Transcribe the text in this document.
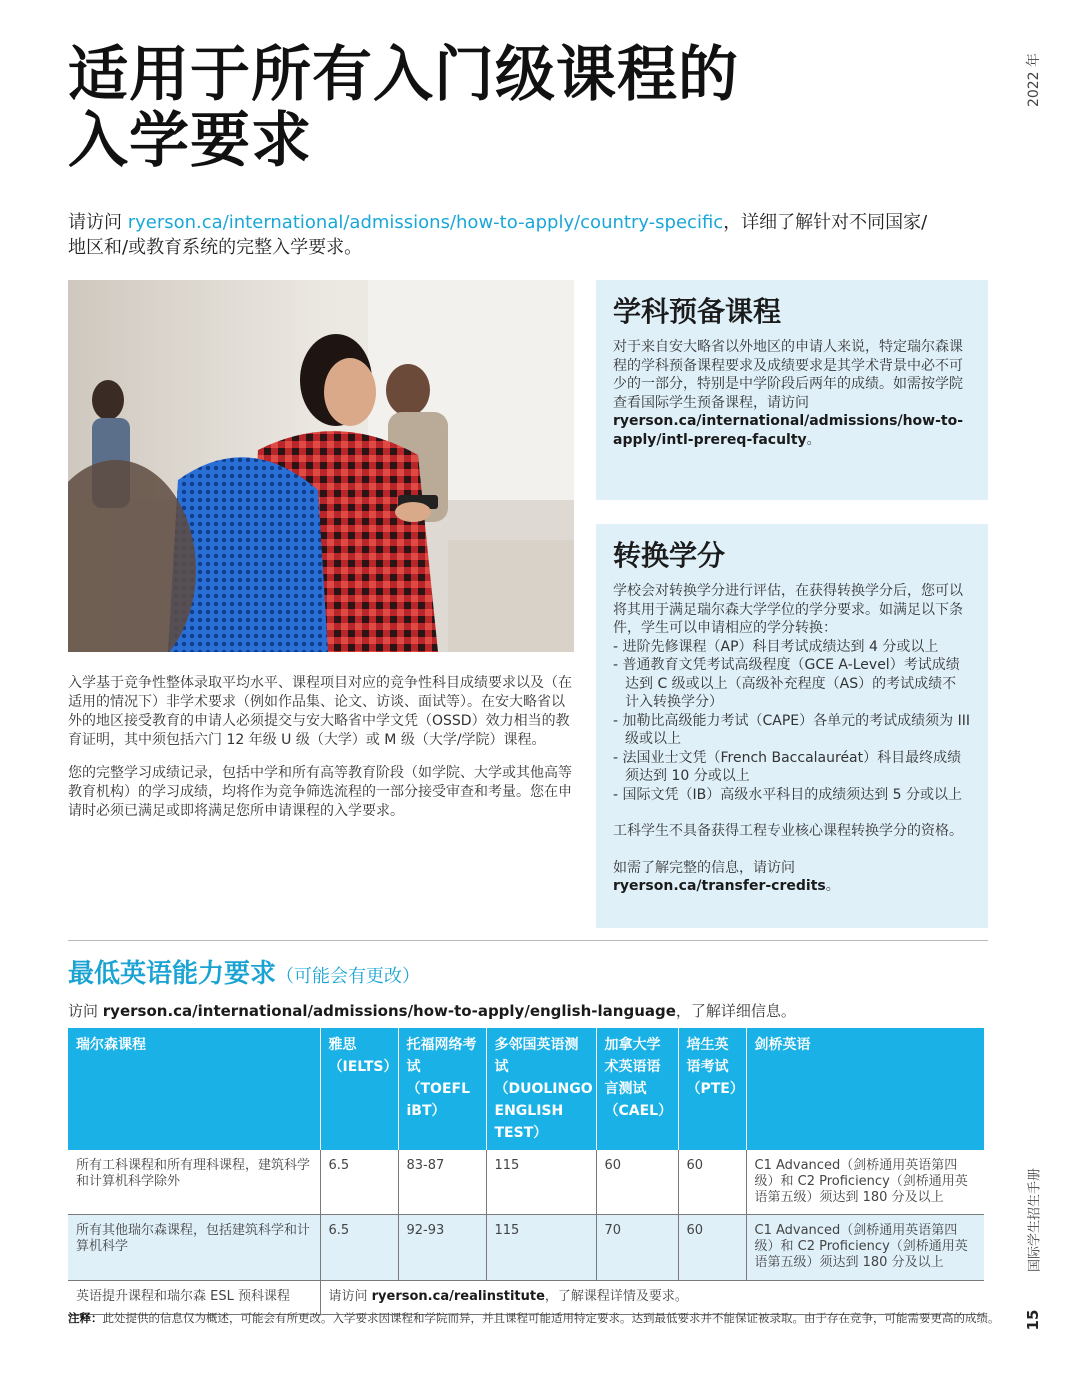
适用于所有入门级课程的
入学要求
2022 年
国际学生招生手册
15

请访问 ryerson.ca/international/admissions/how-to-apply/country-specific，详细了解针对不同国家/地区和/或教育系统的完整入学要求。

入学基于竞争性整体录取平均水平、课程项目对应的竞争性科目成绩要求以及（在适用的情况下）非学术要求（例如作品集、论文、访谈、面试等）。在安大略省以外的地区接受教育的申请人必须提交与安大略省中学文凭（OSSD）效力相当的教育证明，其中须包括六门 12 年级 U 级（大学）或 M 级（大学/学院）课程。

您的完整学习成绩记录，包括中学和所有高等教育阶段（如学院、大学或其他高等教育机构）的学习成绩，均将作为竞争筛选流程的一部分接受审查和考量。您在申请时必须已满足或即将满足您所申请课程的入学要求。

学科预备课程

对于来自安大略省以外地区的申请人来说，特定瑞尔森课程的学科预备课程要求及成绩要求是其学术背景中必不可少的一部分，特别是中学阶段后两年的成绩。如需按学院查看国际学生预备课程，请访问ryerson.ca/international/admissions/how-to-apply/intl-prereq-faculty。

转换学分

学校会对转换学分进行评估，在获得转换学分后，您可以将其用于满足瑞尔森大学学位的学分要求。如满足以下条件，学生可以申请相应的学分转换：

- 进阶先修课程（AP）科目考试成绩达到 4 分或以上
- 普通教育文凭考试高级程度（GCE A-Level）考试成绩达到 C 级或以上（高级补充程度（AS）的考试成绩不计入转换学分）
- 加勒比高级能力考试（CAPE）各单元的考试成绩须为 III 级或以上
- 法国业士文凭（French Baccalauréat）科目最终成绩须达到 10 分或以上
- 国际文凭（IB）高级水平科目的成绩须达到 5 分或以上

工科学生不具备获得工程专业核心课程转换学分的资格。

如需了解完整的信息，请访问
ryerson.ca/transfer-credits。

最低英语能力要求（可能会有更改）

访问 ryerson.ca/international/admissions/how-to-apply/english-language，了解详细信息。

瑞尔森课程	雅思（IELTS）	托福网络考试（TOEFL iBT）	多邻国英语测试（DUOLINGO ENGLISH TEST）	加拿大学术英语语言测试（CAEL）	培生英语考试（PTE）	剑桥英语
所有工科课程和所有理科课程，建筑科学和计算机科学除外	6.5	83-87	115	60	60	C1 Advanced（剑桥通用英语第四级）和 C2 Proficiency（剑桥通用英语第五级）须达到 180 分及以上
所有其他瑞尔森课程，包括建筑科学和计算机科学	6.5	92-93	115	70	60	C1 Advanced（剑桥通用英语第四级）和 C2 Proficiency（剑桥通用英语第五级）须达到 180 分及以上
英语提升课程和瑞尔森 ESL 预科课程	请访问 ryerson.ca/realinstitute，了解课程详情及要求。					

注释：此处提供的信息仅为概述，可能会有所更改。入学要求因课程和学院而异，并且课程可能适用特定要求。达到最低要求并不能保证被录取。由于存在竞争，可能需要更高的成绩。
